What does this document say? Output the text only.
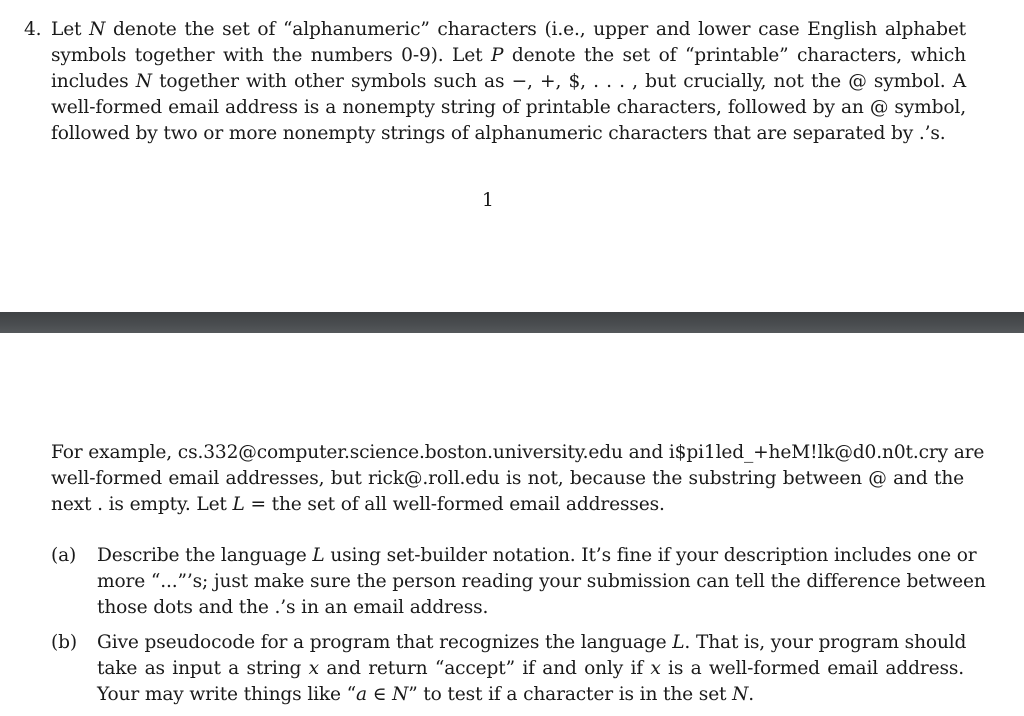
4. Let 𝑁 denote the set of “alphanumeric” characters (i.e., upper and lower case English alphabet
symbols together with the numbers 0-9). Let 𝑃 denote the set of “printable” characters, which
includes 𝑁 together with other symbols such as −, +, $, . . . , but crucially, not the @ symbol. A
well-formed email address is a nonempty string of printable characters, followed by an @ symbol,
followed by two or more nonempty strings of alphanumeric characters that are separated by .’s.
1
For example, cs.332@computer.science.boston.university.edu and i$pi1led_+heM!lk@d0.n0t.cry are
well-formed email addresses, but rick@.roll.edu is not, because the substring between @ and the
next . is empty. Let 𝐿 = the set of all well-formed email addresses.
(a) Describe the language 𝐿 using set-builder notation. It’s fine if your description includes one or
more “...”’s; just make sure the person reading your submission can tell the difference between
those dots and the .’s in an email address.
(b) Give pseudocode for a program that recognizes the language 𝐿. That is, your program should
take as input a string 𝑥 and return “accept” if and only if 𝑥 is a well-formed email address.
Your may write things like “𝑎 ∈ 𝑁” to test if a character is in the set 𝑁.
